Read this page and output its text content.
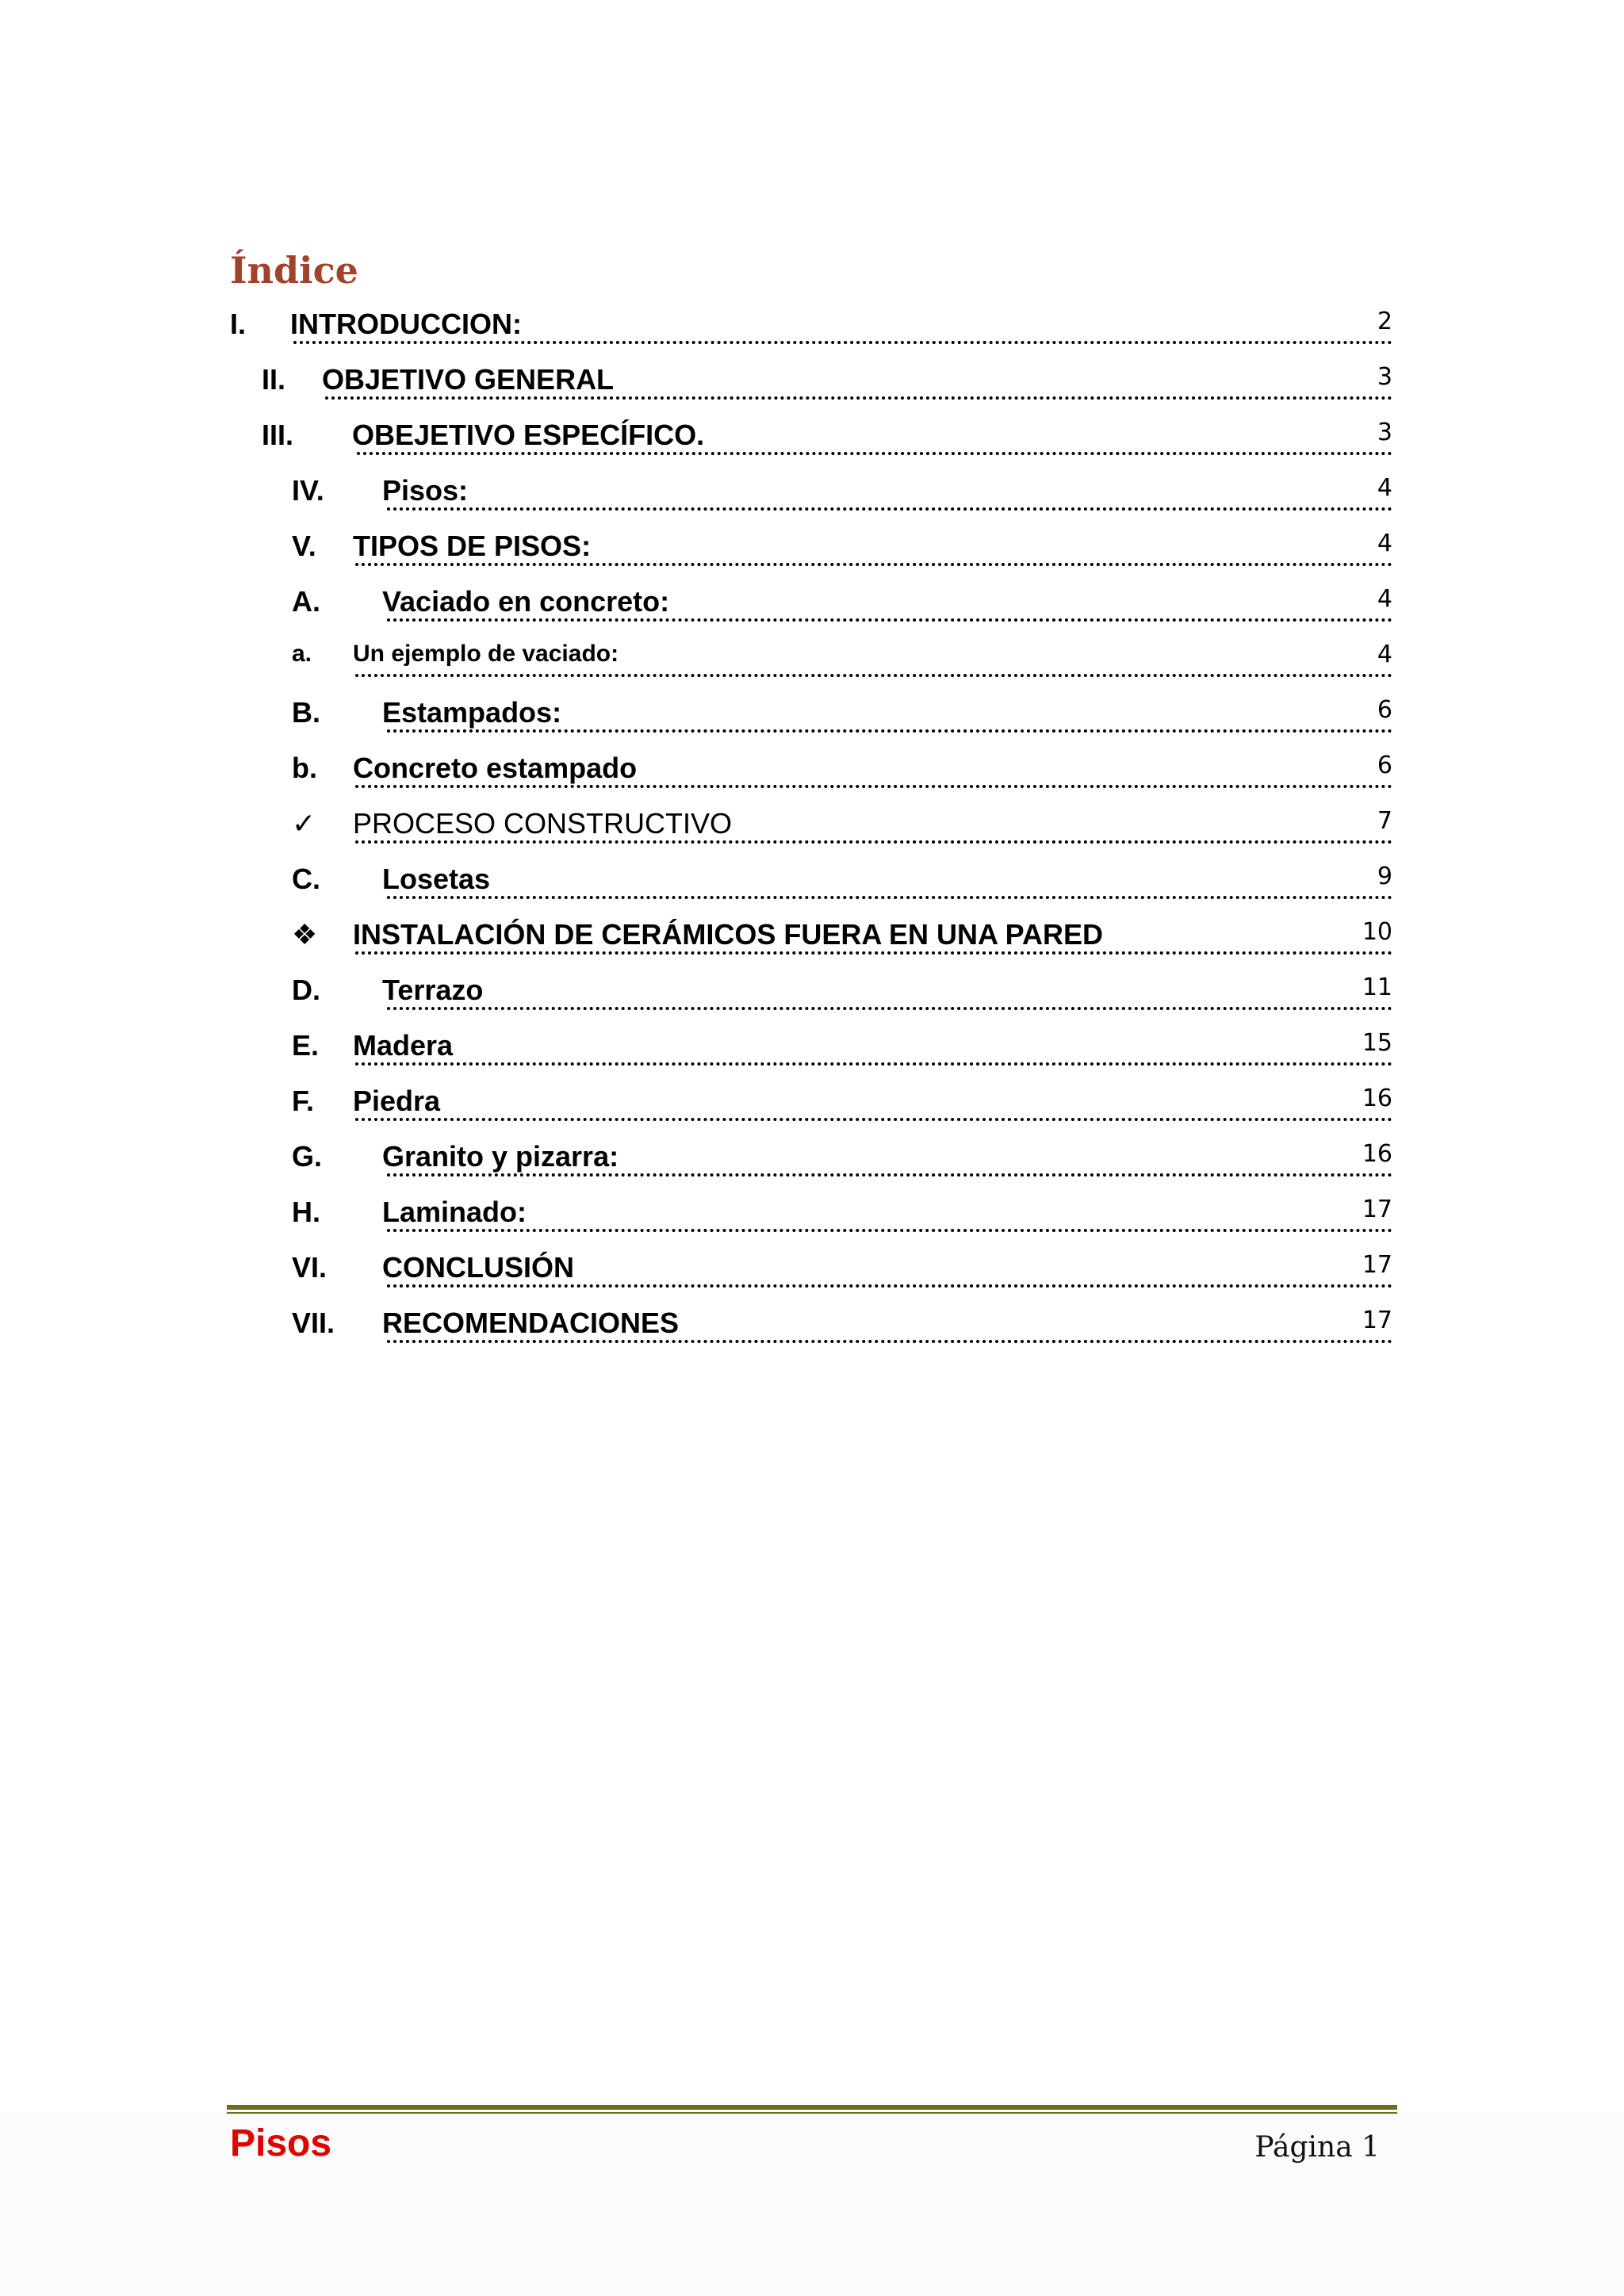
Índice
I. INTRODUCCION:	2
II. OBJETIVO GENERAL	3
III. OBEJETIVO ESPECÍFICO.	3
IV. Pisos:	4
V. TIPOS DE PISOS:	4
A. Vaciado en concreto:	4
a. Un ejemplo de vaciado:	4
B. Estampados:	6
b. Concreto estampado	6
✓ PROCESO CONSTRUCTIVO	7
C. Losetas	9
❖ INSTALACIÓN DE CERÁMICOS FUERA EN UNA PARED	10
D. Terrazo	11
E. Madera	15
F. Piedra	16
G. Granito y pizarra:	16
H. Laminado:	17
VI. CONCLUSIÓN	17
VII. RECOMENDACIONES	17
Pisos	Página 1
